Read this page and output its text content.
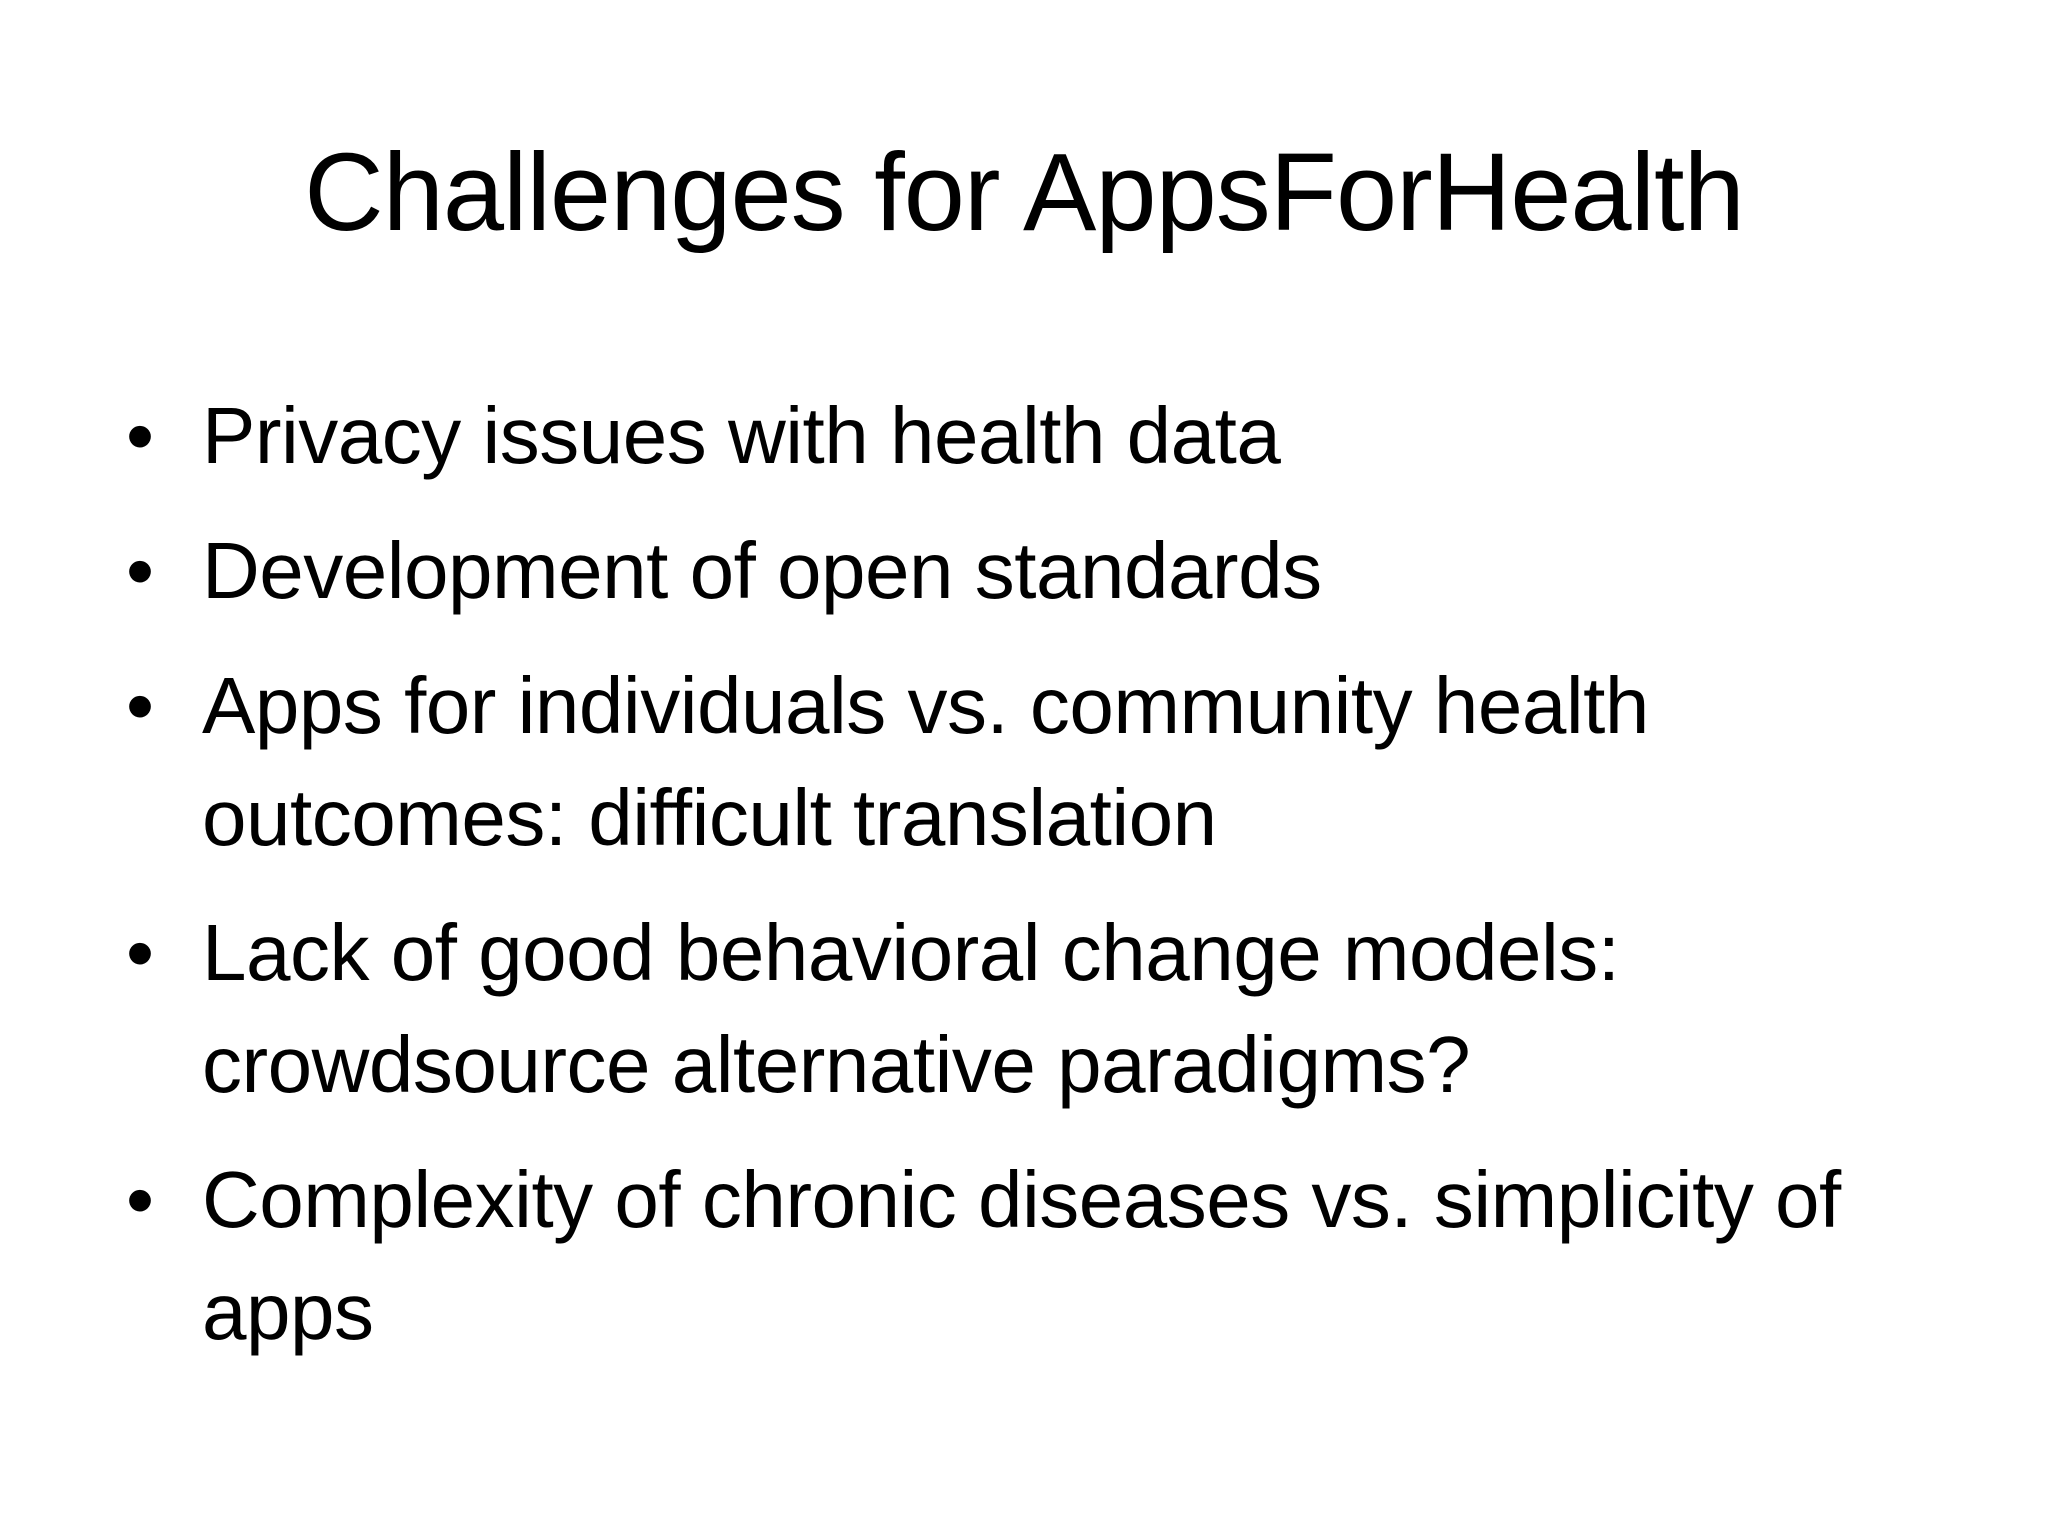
Challenges for AppsForHealth
• Privacy issues with health data
• Development of open standards
• Apps for individuals vs. community health outcomes: difficult translation
• Lack of good behavioral change models: crowdsource alternative paradigms?
• Complexity of chronic diseases vs. simplicity of apps
